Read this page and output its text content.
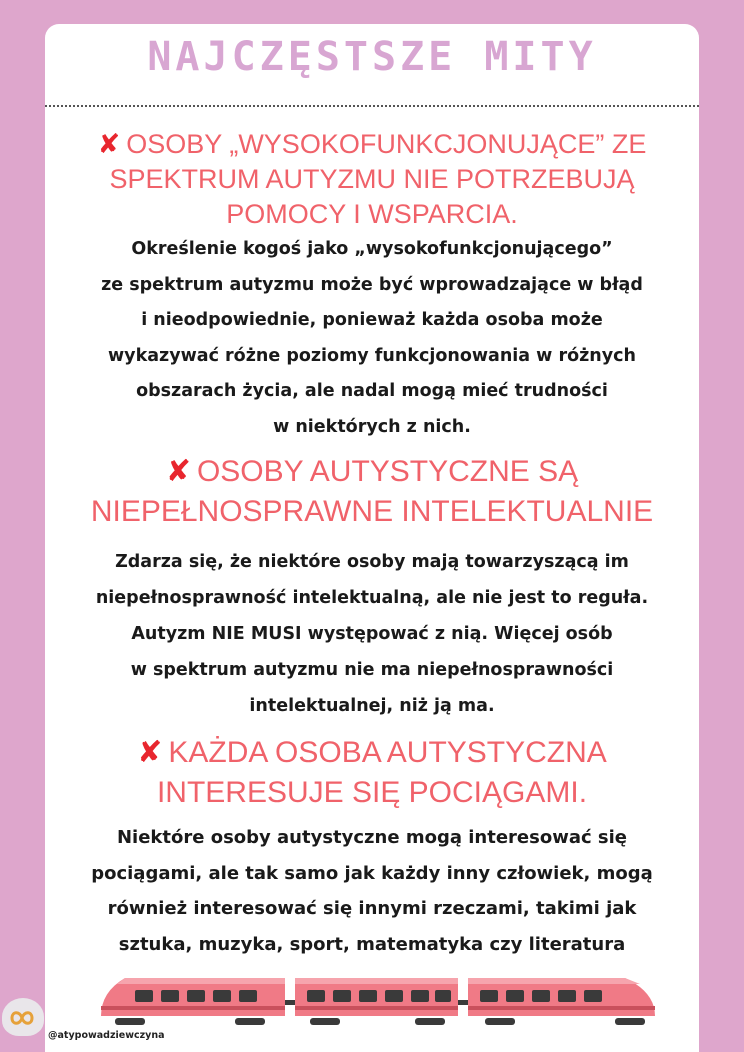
NAJCZĘSTSZE MITY
✘ OSOBY „WYSOKOFUNKCJONUJĄCE” ZE
SPEKTRUM AUTYZMU NIE POTRZEBUJĄ
POMOCY I WSPARCIA.
Określenie kogoś jako „wysokofunkcjonującego”
ze spektrum autyzmu może być wprowadzające w błąd
i nieodpowiednie, ponieważ każda osoba może
wykazywać różne poziomy funkcjonowania w różnych
obszarach życia, ale nadal mogą mieć trudności
w niektórych z nich.
✘ OSOBY AUTYSTYCZNE SĄ
NIEPEŁNOSPRAWNE INTELEKTUALNIE
Zdarza się, że niektóre osoby mają towarzyszącą im
niepełnosprawność intelektualną, ale nie jest to reguła.
Autyzm NIE MUSI występować z nią. Więcej osób
w spektrum autyzmu nie ma niepełnosprawności
intelektualnej, niż ją ma.
✘ KAŻDA OSOBA AUTYSTYCZNA
INTERESUJE SIĘ POCIĄGAMI.
Niektóre osoby autystyczne mogą interesować się
pociągami, ale tak samo jak każdy inny człowiek, mogą
również interesować się innymi rzeczami, takimi jak
sztuka, muzyka, sport, matematyka czy literatura
@atypowadziewczyna
